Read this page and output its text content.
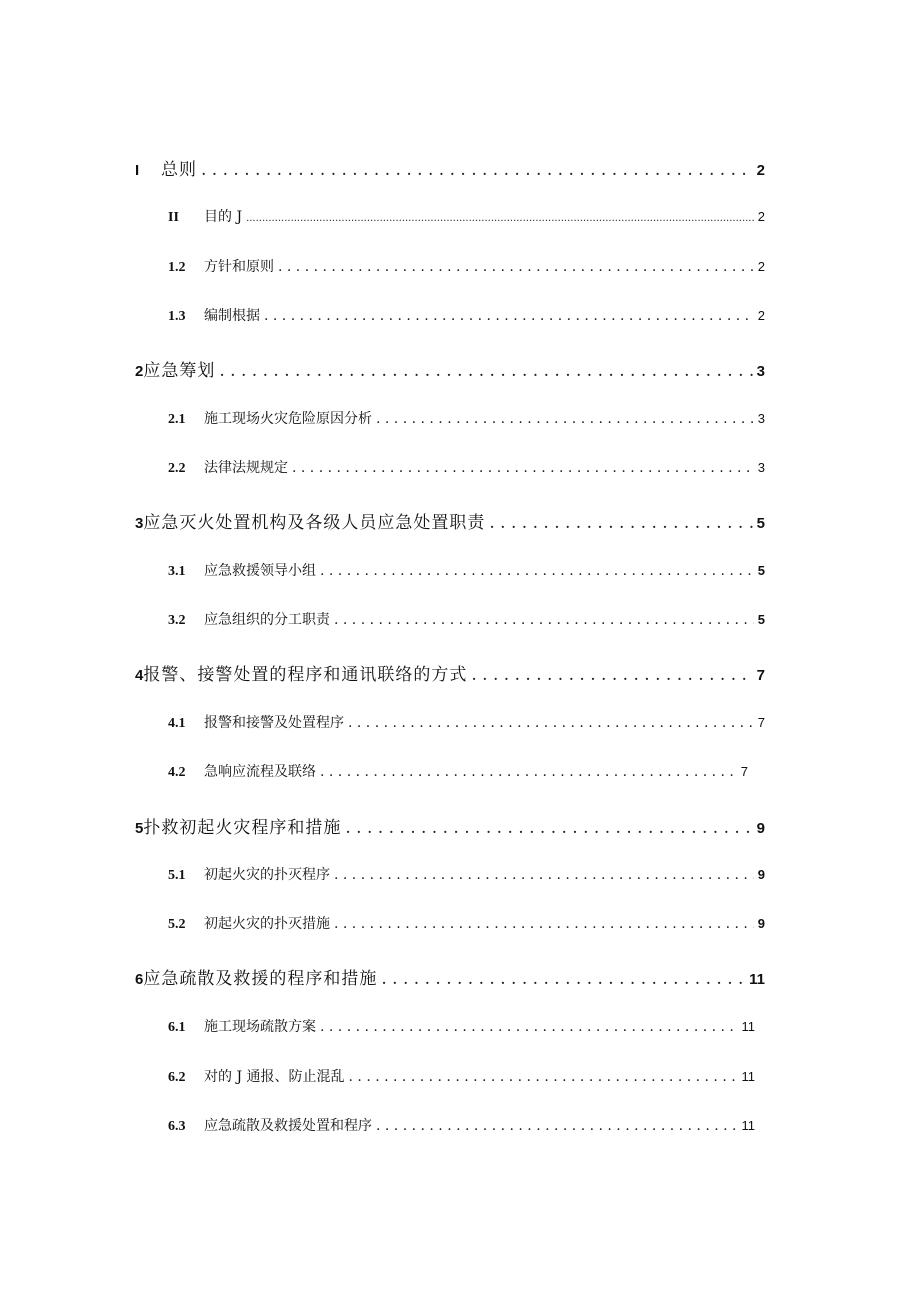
I	总则 . . .	2
II	目的 J .....	2
1.2	方针和原则 . . .	2
1.3	编制根据 . . .	2
2 应急筹划 . . .	3
2.1	施工现场火灾危险原因分析 . . .	3
2.2	法律法规规定 . . .	3
3 应急灭火处置机构及各级人员应急处置职责 . . .	5
3.1	应急救援领导小组 . . .	5
3.2	应急组织的分工职责 . . .	5
4 报警、接警处置的程序和通讯联络的方式 . . .	7
4.1	报警和接警及处置程序 . . .	7
4.2	急响应流程及联络 . . .	7
5 扑救初起火灾程序和措施 . . .	9
5.1	初起火灾的扑灭程序 . . .	9
5.2	初起火灾的扑灭措施 . . .	9
6 应急疏散及救援的程序和措施 . . .	11
6.1	施工现场疏散方案 . . .	11
6.2	对的 J 通报、防止混乱 . . .	11
6.3	应急疏散及救援处置和程序 . . .	11
